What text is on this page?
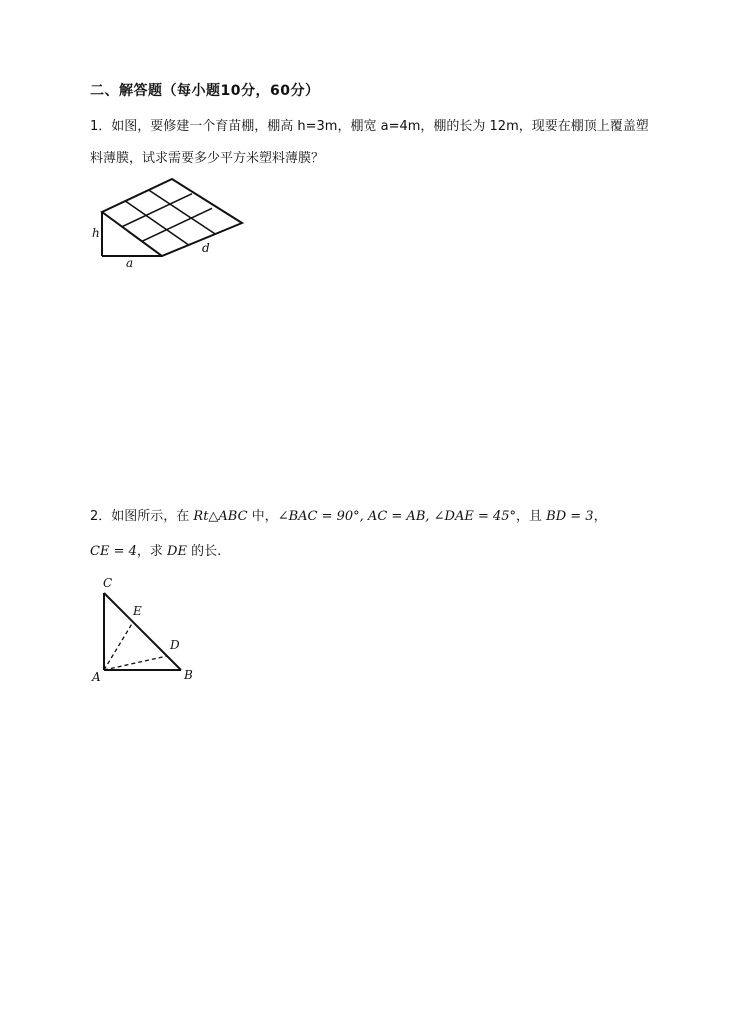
二、解答题（每小题10分，60分）
1．如图，要修建一个育苗棚，棚高 h=3m，棚宽 a=4m，棚的长为 12m，现要在棚顶上覆盖塑
料薄膜，试求需要多少平方米塑料薄膜？
h
a
d
2．如图所示，在 Rt△ABC 中，∠BAC = 90°, AC = AB, ∠DAE = 45°，且 BD = 3，
CE = 4，求 DE 的长.
C
E
D
A	B
